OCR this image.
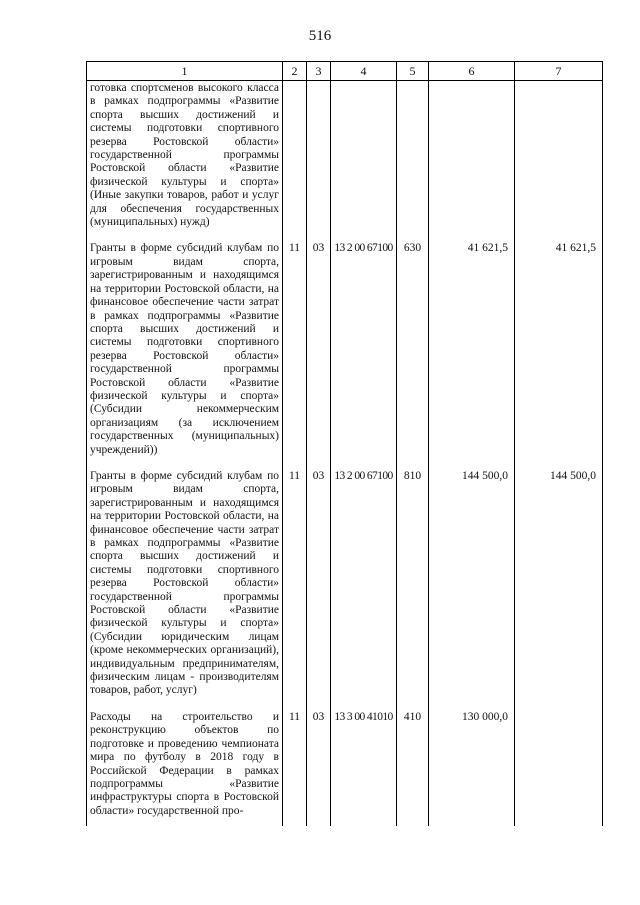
516
1	2	3	4	5	6	7
готовка спортсменов высокого класса в рамках подпрограммы «Развитие спорта высших достижений и системы подготовки спортивного резерва Ростовской области» государственной программы Ростовской области «Развитие физической культуры и спорта» (Иные закупки товаров, работ и услуг для обеспечения государственных (муниципальных) нужд)						
Гранты в форме субсидий клубам по игровым видам спорта, зарегистрированным и находящимся на территории Ростовской области, на финансовое обеспечение части затрат в рамках подпрограммы «Развитие спорта высших достижений и системы подготовки спортивного резерва Ростовской области» государственной программы Ростовской области «Развитие физической культуры и спорта» (Субсидии некоммерческим организациям (за исключением государственных (муниципальных) учреждений))	11	03	13 2 00 67100	630	41 621,5	41 621,5
Гранты в форме субсидий клубам по игровым видам спорта, зарегистрированным и находящимся на территории Ростовской области, на финансовое обеспечение части затрат в рамках подпрограммы «Развитие спорта высших достижений и системы подготовки спортивного резерва Ростовской области» государственной программы Ростовской области «Развитие физической культуры и спорта» (Субсидии юридическим лицам (кроме некоммерческих организаций), индивидуальным предпринимателям, физическим лицам - производителям товаров, работ, услуг)	11	03	13 2 00 67100	810	144 500,0	144 500,0
Расходы на строительство и реконструкцию объектов по подготовке и проведению чемпионата мира по футболу в 2018 году в Российской Федерации в рамках подпрограммы «Развитие инфраструктуры спорта в Ростовской области» государственной про-	11	03	13 3 00 41010	410	130 000,0	
